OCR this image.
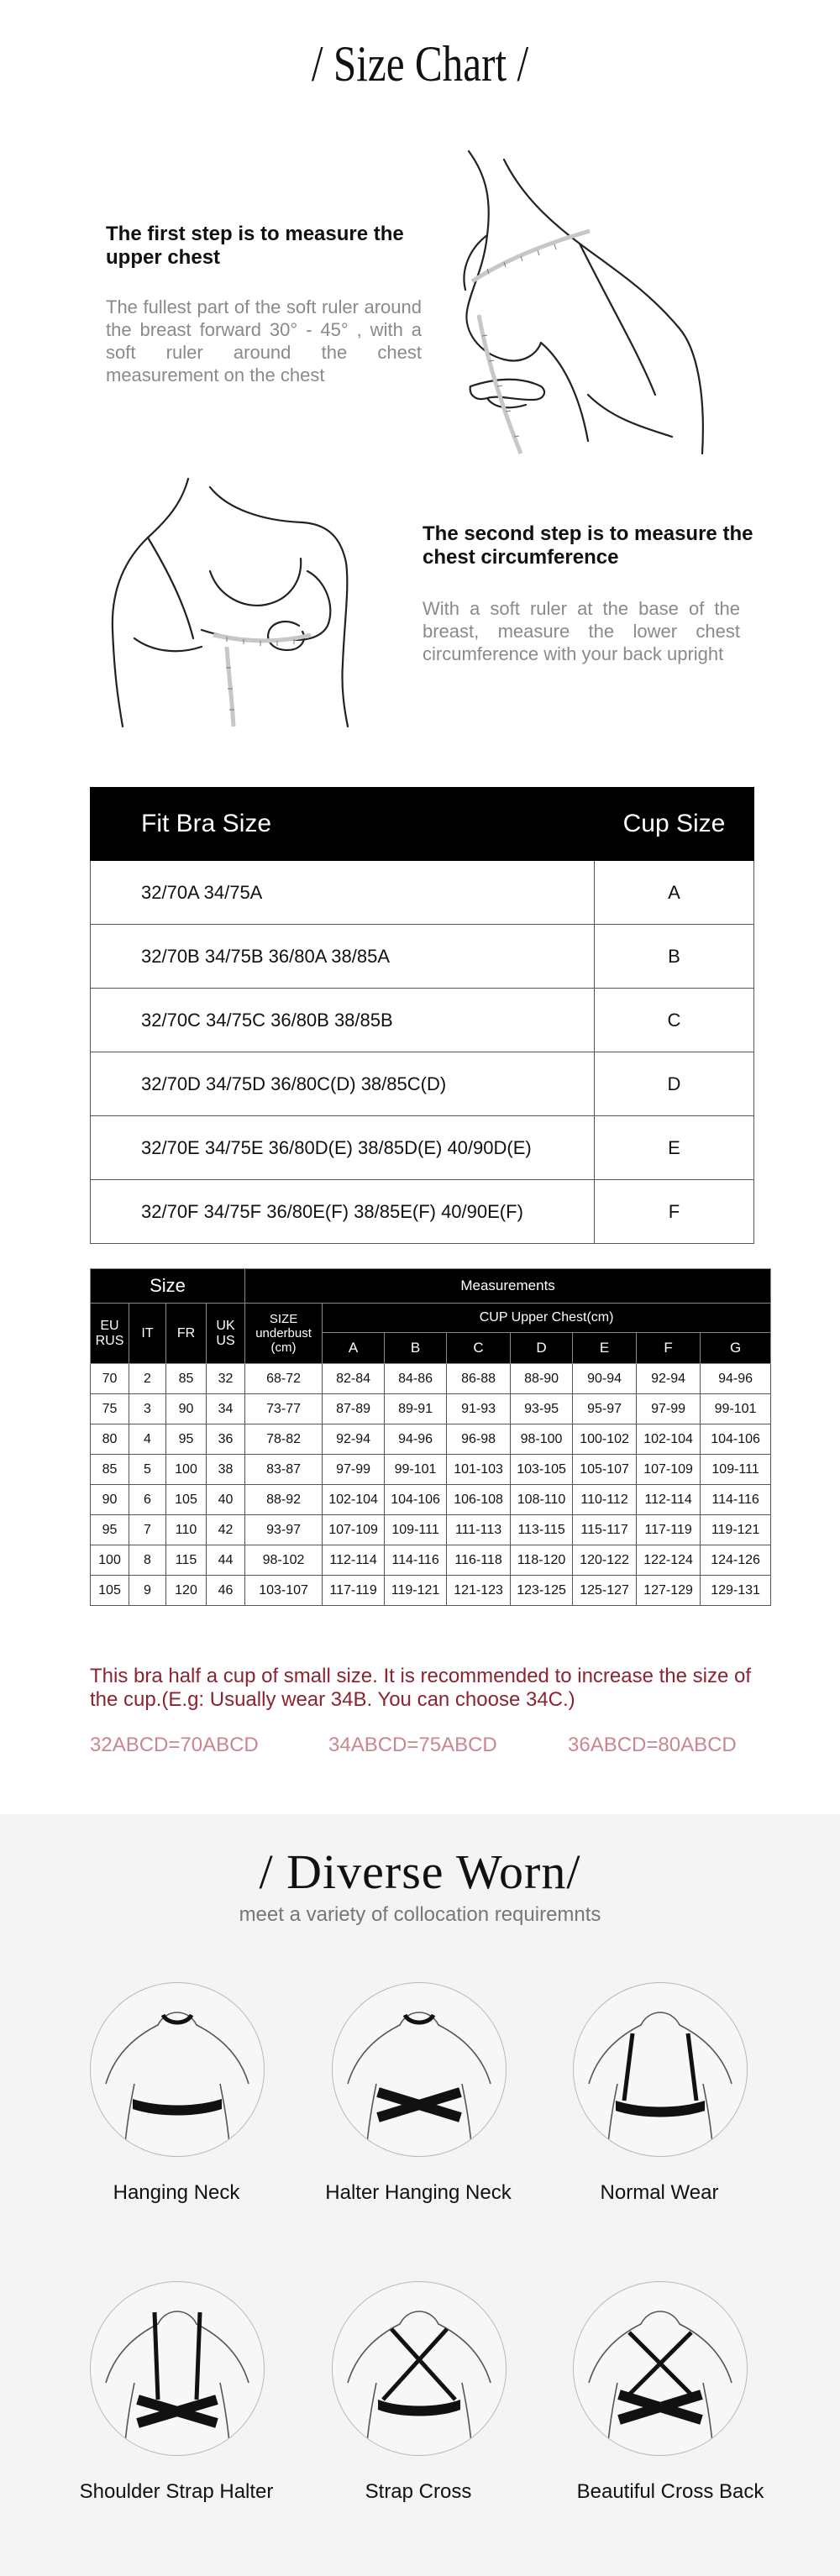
/ Size Chart /
The first step is to measure the upper chest
The fullest part of the soft ruler around the breast forward 30° - 45° , with a soft ruler around the chest measurement on the chest
The second step is to measure the chest circumference
With a soft ruler at the base of the breast, measure the lower chest circumference with your back upright
Fit Bra Size	Cup Size
32/70A 34/75A	A
32/70B 34/75B 36/80A 38/85A	B
32/70C 34/75C 36/80B 38/85B	C
32/70D 34/75D 36/80C(D) 38/85C(D)	D
32/70E 34/75E 36/80D(E) 38/85D(E) 40/90D(E)	E
32/70F 34/75F 36/80E(F) 38/85E(F) 40/90E(F)	F
Size				Measurements							
EU RUS	IT	FR	UK US	SIZE underbust (cm)	CUP Upper Chest(cm)						
					A	B	C	D	E	F	G
70	2	85	32	68-72	82-84	84-86	86-88	88-90	90-94	92-94	94-96
75	3	90	34	73-77	87-89	89-91	91-93	93-95	95-97	97-99	99-101
80	4	95	36	78-82	92-94	94-96	96-98	98-100	100-102	102-104	104-106
85	5	100	38	83-87	97-99	99-101	101-103	103-105	105-107	107-109	109-111
90	6	105	40	88-92	102-104	104-106	106-108	108-110	110-112	112-114	114-116
95	7	110	42	93-97	107-109	109-111	111-113	113-115	115-117	117-119	119-121
100	8	115	44	98-102	112-114	114-116	116-118	118-120	120-122	122-124	124-126
105	9	120	46	103-107	117-119	119-121	121-123	123-125	125-127	127-129	129-131
This bra half a cup of small size. It is recommended to increase the size of the cup.(E.g: Usually wear 34B. You can choose 34C.)
32ABCD=70ABCD	34ABCD=75ABCD	36ABCD=80ABCD
/ Diverse Worn/
meet a variety of collocation requiremnts
Hanging Neck	Halter Hanging Neck	Normal Wear
Shoulder Strap Halter	Strap Cross	Beautiful Cross Back
